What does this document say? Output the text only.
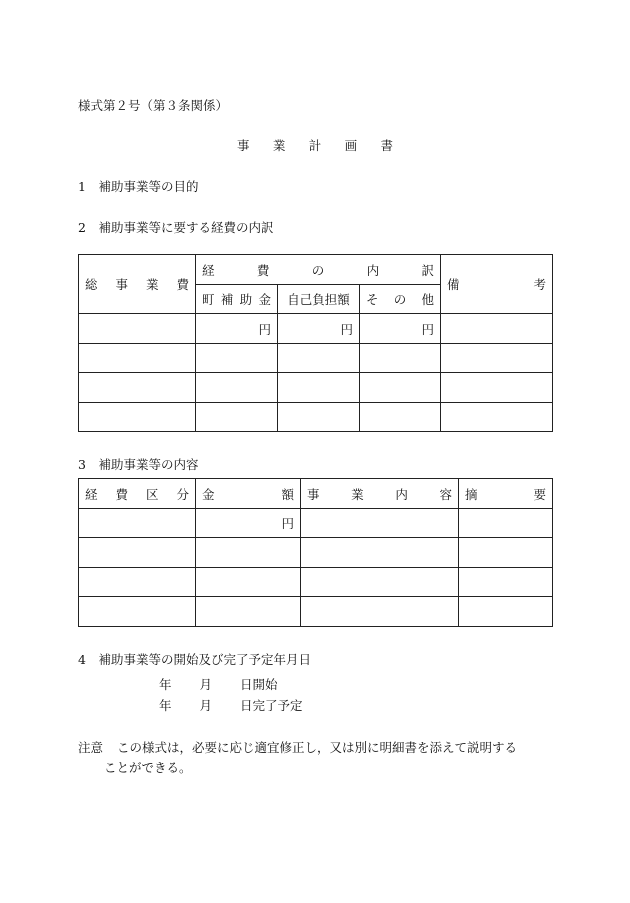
様式第２号（第３条関係）
事 業 計 画 書
1　補助事業等の目的
2　補助事業等に要する経費の内訳
総 事 業 費	経 費 の 内 訳			備 考

	町 補 助 金	自己負担額	そ の 他	

	円	円	円	

3　補助事業等の内容
経 費 区 分	金 額	事 業 内 容	摘 要

	円		

4　補助事業等の開始及び完了予定年月日
年 月 日開始
年 月 日完了予定
注意 この様式は，必要に応じ適宜修正し，又は別に明細書を添えて説明する
ことができる。
